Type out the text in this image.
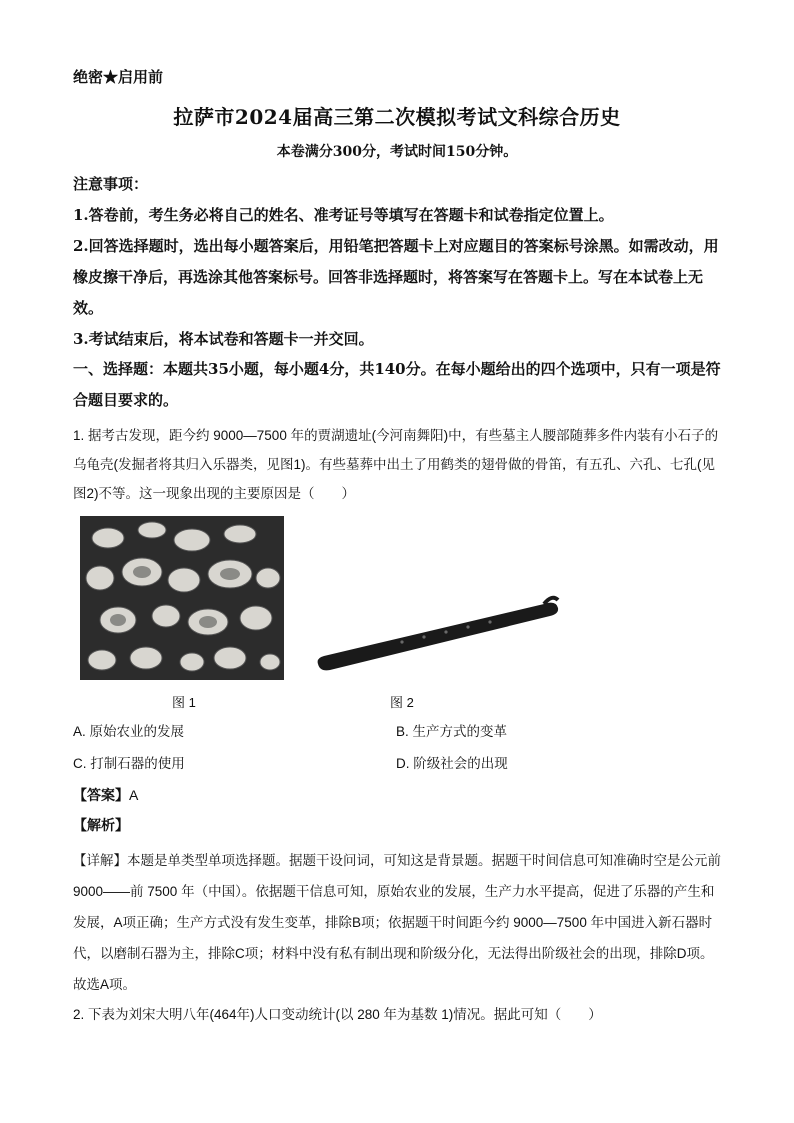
绝密★启用前
拉萨市2024届高三第二次模拟考试文科综合历史
本卷满分300分，考试时间150分钟。
注意事项：

1.答卷前，考生务必将自己的姓名、准考证号等填写在答题卡和试卷指定位置上。

2.回答选择题时，选出每小题答案后，用铅笔把答题卡上对应题目的答案标号涂黑。如需改动，用橡皮擦干净后，再选涂其他答案标号。回答非选择题时，将答案写在答题卡上。写在本试卷上无效。

3.考试结束后，将本试卷和答题卡一并交回。

一、选择题：本题共35小题，每小题4分，共140分。在每小题给出的四个选项中，只有一项是符合题目要求的。
1. 据考古发现，距今约 9000—7500 年的贾湖遗址(今河南舞阳)中，有些墓主人腰部随葬多件内装有小石子的乌龟壳(发掘者将其归入乐器类，见图1)。有些墓葬中出土了用鹤类的翅骨做的骨笛，有五孔、六孔、七孔(见图2)不等。这一现象出现的主要原因是（　　）
图 1	图 2
A. 原始农业的发展	B. 生产方式的变革
C. 打制石器的使用	D. 阶级社会的出现
【答案】A
【解析】
【详解】本题是单类型单项选择题。据题干设问词，可知这是背景题。据题干时间信息可知准确时空是公元前 9000——前 7500 年（中国）。依据题干信息可知，原始农业的发展，生产力水平提高，促进了乐器的产生和发展，A项正确；生产方式没有发生变革，排除B项；依据题干时间距今约 9000—7500 年中国进入新石器时代，以磨制石器为主，排除C项；材料中没有私有制出现和阶级分化，无法得出阶级社会的出现，排除D项。故选A项。
2. 下表为刘宋大明八年(464年)人口变动统计(以 280 年为基数 1)情况。据此可知（　　）
